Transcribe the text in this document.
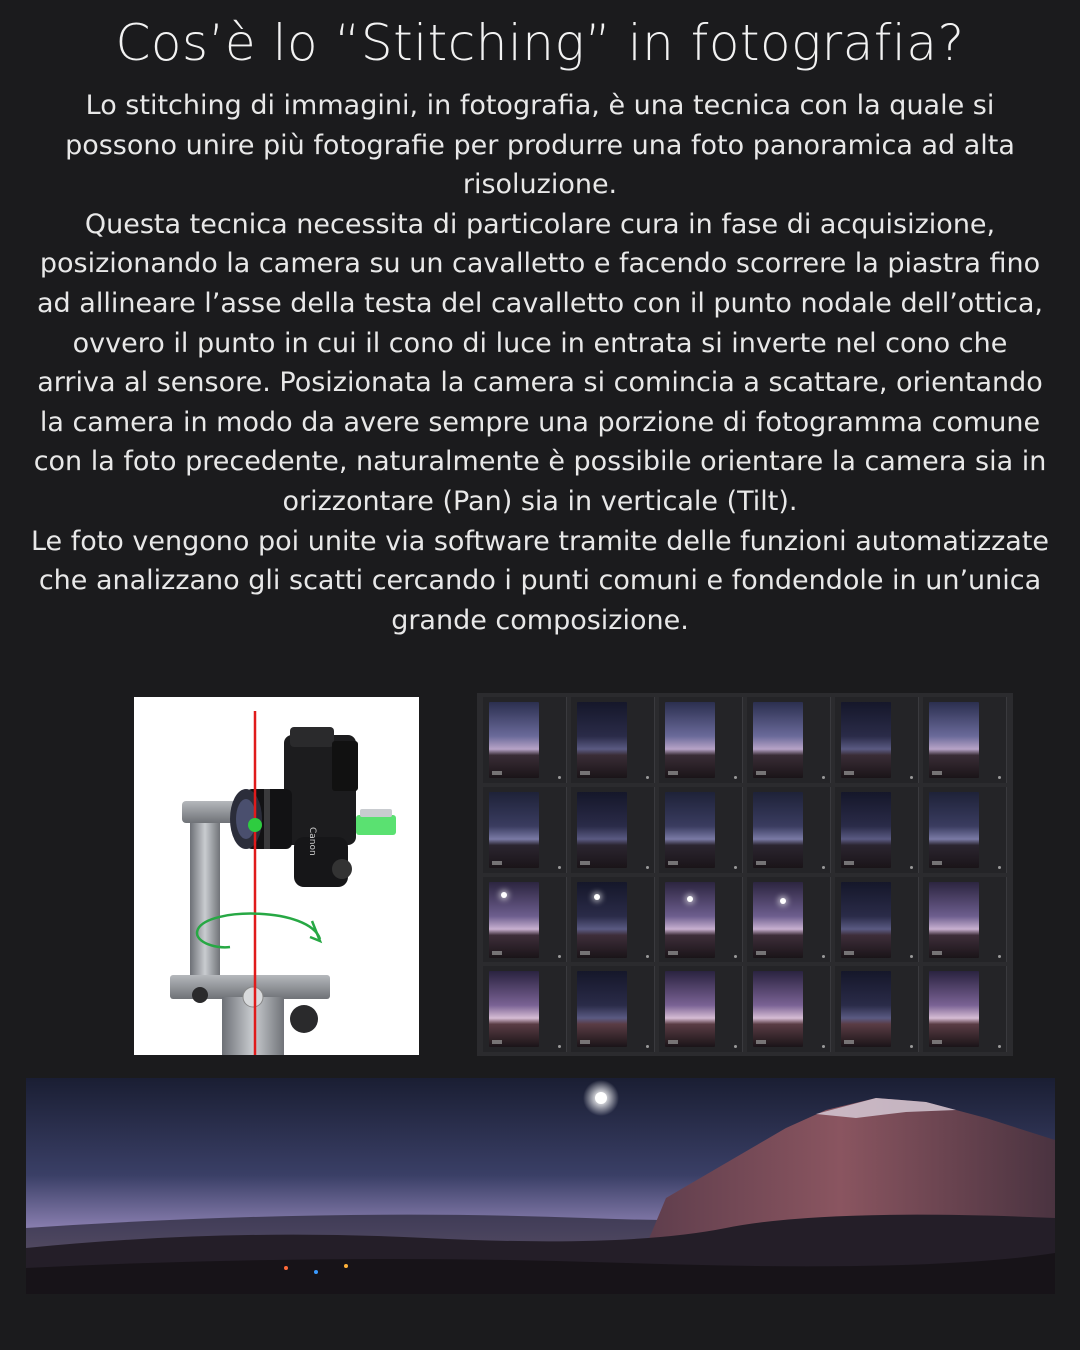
Cos’è lo “Stitching” in fotografia?

Lo stitching di immagini, in fotografia, è una tecnica con la quale si possono unire più fotografie per produrre una foto panoramica ad alta risoluzione.

Questa tecnica necessita di particolare cura in fase di acquisizione, posizionando la camera su un cavalletto e facendo scorrere la piastra fino ad allineare l’asse della testa del cavalletto con il punto nodale dell’ottica, ovvero il punto in cui il cono di luce in entrata si inverte nel cono che arriva al sensore. Posizionata la camera si comincia a scattare, orientando la camera in modo da avere sempre una porzione di fotogramma comune con la foto precedente, naturalmente è possibile orientare la camera sia in orizzontare (Pan) sia in verticale (Tilt).

Le foto vengono poi unite via software tramite delle funzioni automatizzate che analizzano gli scatti cercando i punti comuni e fondendole in un’unica grande composizione.

Canon
